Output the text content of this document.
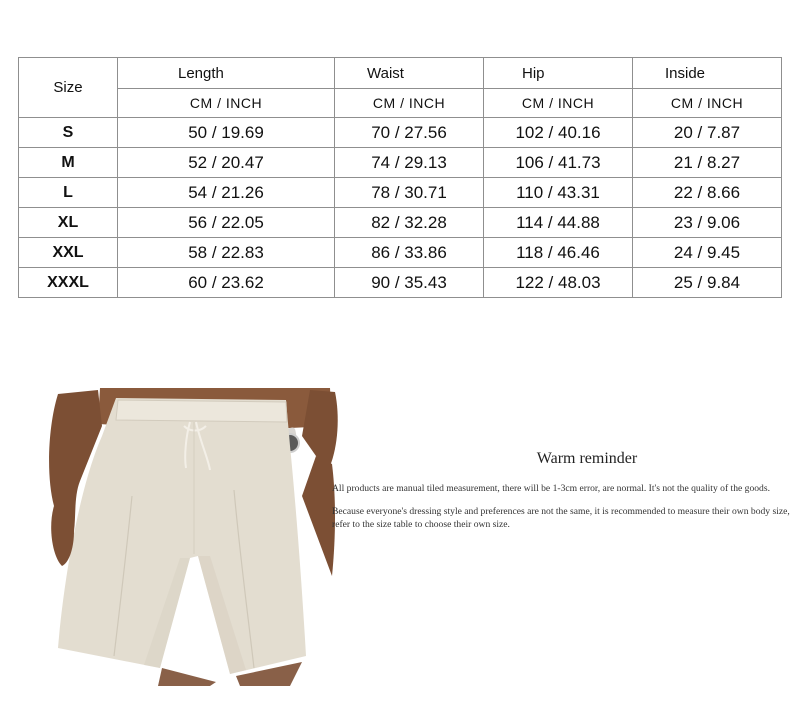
Size	Length	Waist	Hip	Inside
	CM / INCH	CM / INCH	CM / INCH	CM / INCH
S	50 / 19.69	70 / 27.56	102 / 40.16	20 / 7.87
M	52 / 20.47	74 / 29.13	106 / 41.73	21 / 8.27
L	54 / 21.26	78 / 30.71	110 / 43.31	22 / 8.66
XL	56 / 22.05	82 / 32.28	114 / 44.88	23 / 9.06
XXL	58 / 22.83	86 / 33.86	118 / 46.46	24 / 9.45
XXXL	60 / 23.62	90 / 35.43	122 / 48.03	25 / 9.84
Warm reminder

All products are manual tiled measurement, there will be 1-3cm error, are normal. It's not the quality of the goods.

Because everyone's dressing style and preferences are not the same, it is recommended to measure their own body size, refer to the size table to choose their own size.
